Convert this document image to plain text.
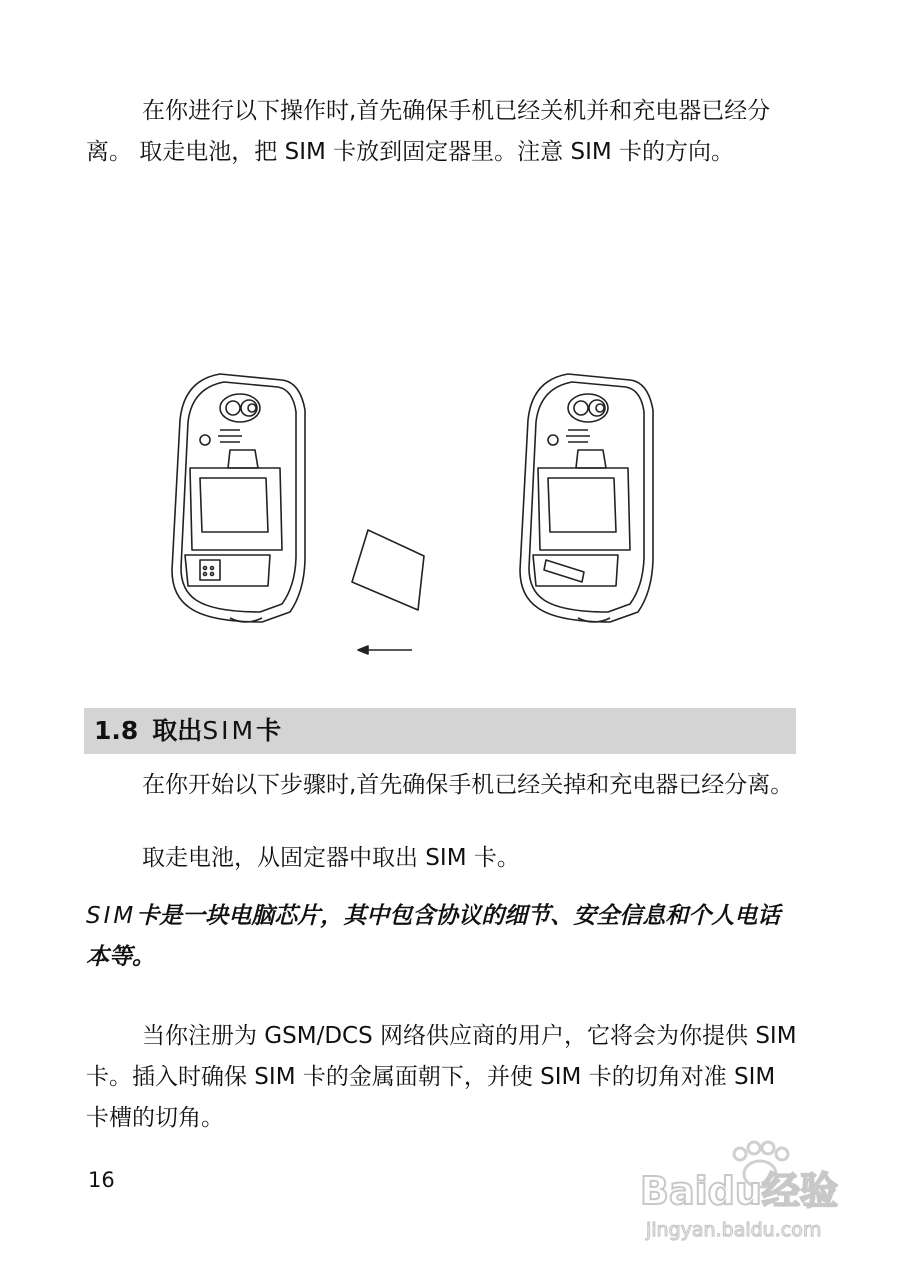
在你进行以下操作时,首先确保手机已经关机并和充电器已经分离。 取走电池，把 SIM 卡放到固定器里。注意 SIM 卡的方向。

1.8 取出SIM卡

在你开始以下步骤时,首先确保手机已经关掉和充电器已经分离。

取走电池，从固定器中取出 SIM 卡。

SIM卡是一块电脑芯片，其中包含协议的细节、安全信息和个人电话本等。

当你注册为 GSM/DCS 网络供应商的用户，它将会为你提供 SIM 卡。插入时确保 SIM 卡的金属面朝下，并使 SIM 卡的切角对准 SIM 卡槽的切角。

16	Baidu经验
jingyan.baidu.com
